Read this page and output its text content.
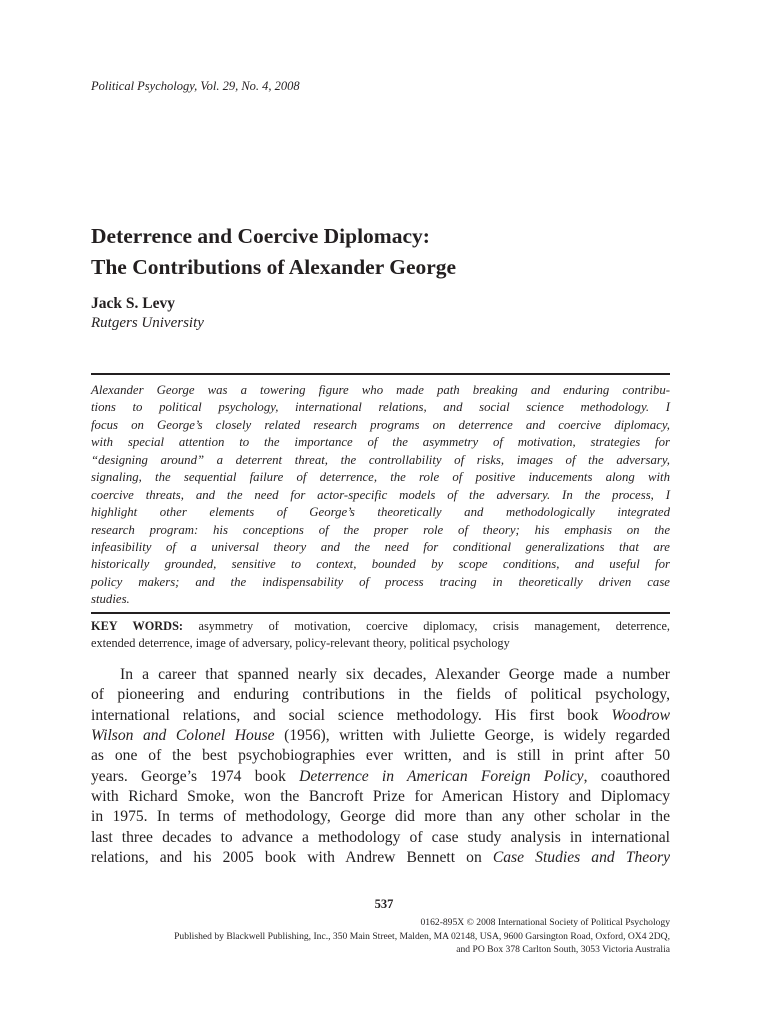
Political Psychology, Vol. 29, No. 4, 2008
Deterrence and Coercive Diplomacy:
The Contributions of Alexander George
Jack S. Levy
Rutgers University
Alexander George was a towering figure who made path breaking and enduring contribu-
tions to political psychology, international relations, and social science methodology. I
focus on George’s closely related research programs on deterrence and coercive diplomacy,
with special attention to the importance of the asymmetry of motivation, strategies for
“designing around” a deterrent threat, the controllability of risks, images of the adversary,
signaling, the sequential failure of deterrence, the role of positive inducements along with
coercive threats, and the need for actor-specific models of the adversary. In the process, I
highlight other elements of George’s theoretically and methodologically integrated
research program: his conceptions of the proper role of theory; his emphasis on the
infeasibility of a universal theory and the need for conditional generalizations that are
historically grounded, sensitive to context, bounded by scope conditions, and useful for
policy makers; and the indispensability of process tracing in theoretically driven case
studies.
KEY WORDS: asymmetry of motivation, coercive diplomacy, crisis management, deterrence,
extended deterrence, image of adversary, policy-relevant theory, political psychology
In a career that spanned nearly six decades, Alexander George made a number
of pioneering and enduring contributions in the fields of political psychology,
international relations, and social science methodology. His first book Woodrow
Wilson and Colonel House (1956), written with Juliette George, is widely regarded
as one of the best psychobiographies ever written, and is still in print after 50
years. George’s 1974 book Deterrence in American Foreign Policy, coauthored
with Richard Smoke, won the Bancroft Prize for American History and Diplomacy
in 1975. In terms of methodology, George did more than any other scholar in the
last three decades to advance a methodology of case study analysis in international
relations, and his 2005 book with Andrew Bennett on Case Studies and Theory
537
0162-895X © 2008 International Society of Political Psychology
Published by Blackwell Publishing, Inc., 350 Main Street, Malden, MA 02148, USA, 9600 Garsington Road, Oxford, OX4 2DQ,
and PO Box 378 Carlton South, 3053 Victoria Australia
